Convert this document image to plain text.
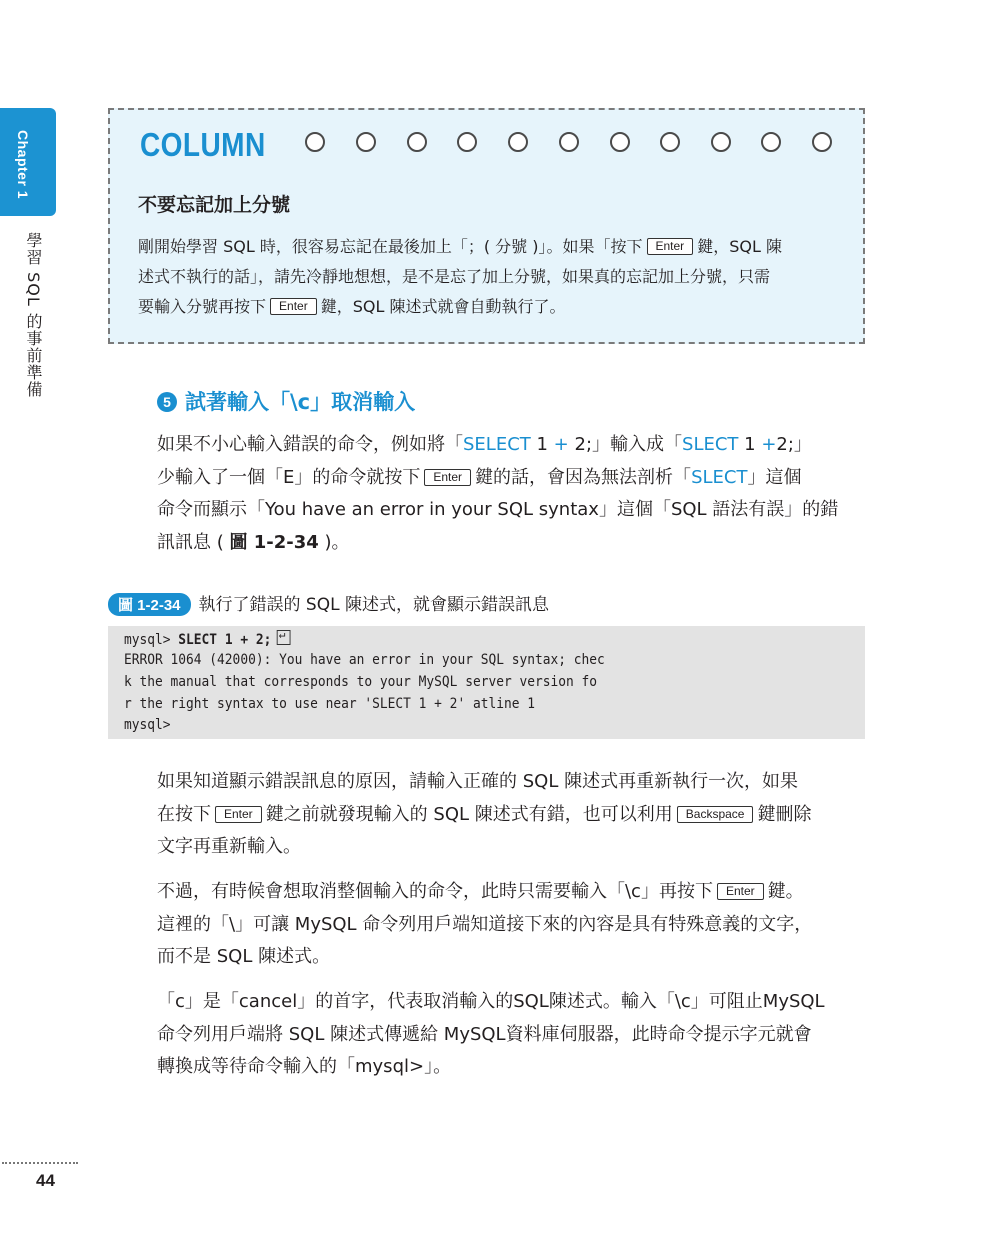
Chapter 1
學習 SQL 的事前準備
COLUMN
不要忘記加上分號
剛開始學習 SQL 時，很容易忘記在最後加上「；( 分號 )」。如果「按下 Enter 鍵，SQL 陳
述式不執行的話」，請先冷靜地想想，是不是忘了加上分號，如果真的忘記加上分號，只需
要輸入分號再按下 Enter 鍵，SQL 陳述式就會自動執行了。
5 試著輸入「\c」取消輸入
如果不小心輸入錯誤的命令，例如將「SELECT 1 + 2;」輸入成「SLECT 1 +2;」
少輸入了一個「E」的命令就按下 Enter 鍵的話，會因為無法剖析「SLECT」這個
命令而顯示「You have an error in your SQL syntax」這個「SQL 語法有誤」的錯
訊訊息 ( 圖 1-2-34 )。
圖 1-2-34 執行了錯誤的 SQL 陳述式，就會顯示錯誤訊息
mysql> SLECT 1 + 2; ↵
ERROR 1064 (42000): You have an error in your SQL syntax; chec
k the manual that corresponds to your MySQL server version fo
r the right syntax to use near 'SLECT 1 + 2' atline 1
mysql>
如果知道顯示錯誤訊息的原因，請輸入正確的 SQL 陳述式再重新執行一次，如果
在按下 Enter 鍵之前就發現輸入的 SQL 陳述式有錯，也可以利用 Backspace 鍵刪除
文字再重新輸入。
不過，有時候會想取消整個輸入的命令，此時只需要輸入「\c」再按下 Enter 鍵。
這裡的「\」可讓 MySQL 命令列用戶端知道接下來的內容是具有特殊意義的文字，
而不是 SQL 陳述式。
「c」是「cancel」的首字，代表取消輸入的SQL陳述式。輸入「\c」可阻止MySQL
命令列用戶端將 SQL 陳述式傳遞給 MySQL資料庫伺服器，此時命令提示字元就會
轉換成等待命令輸入的「mysql>」。
44
